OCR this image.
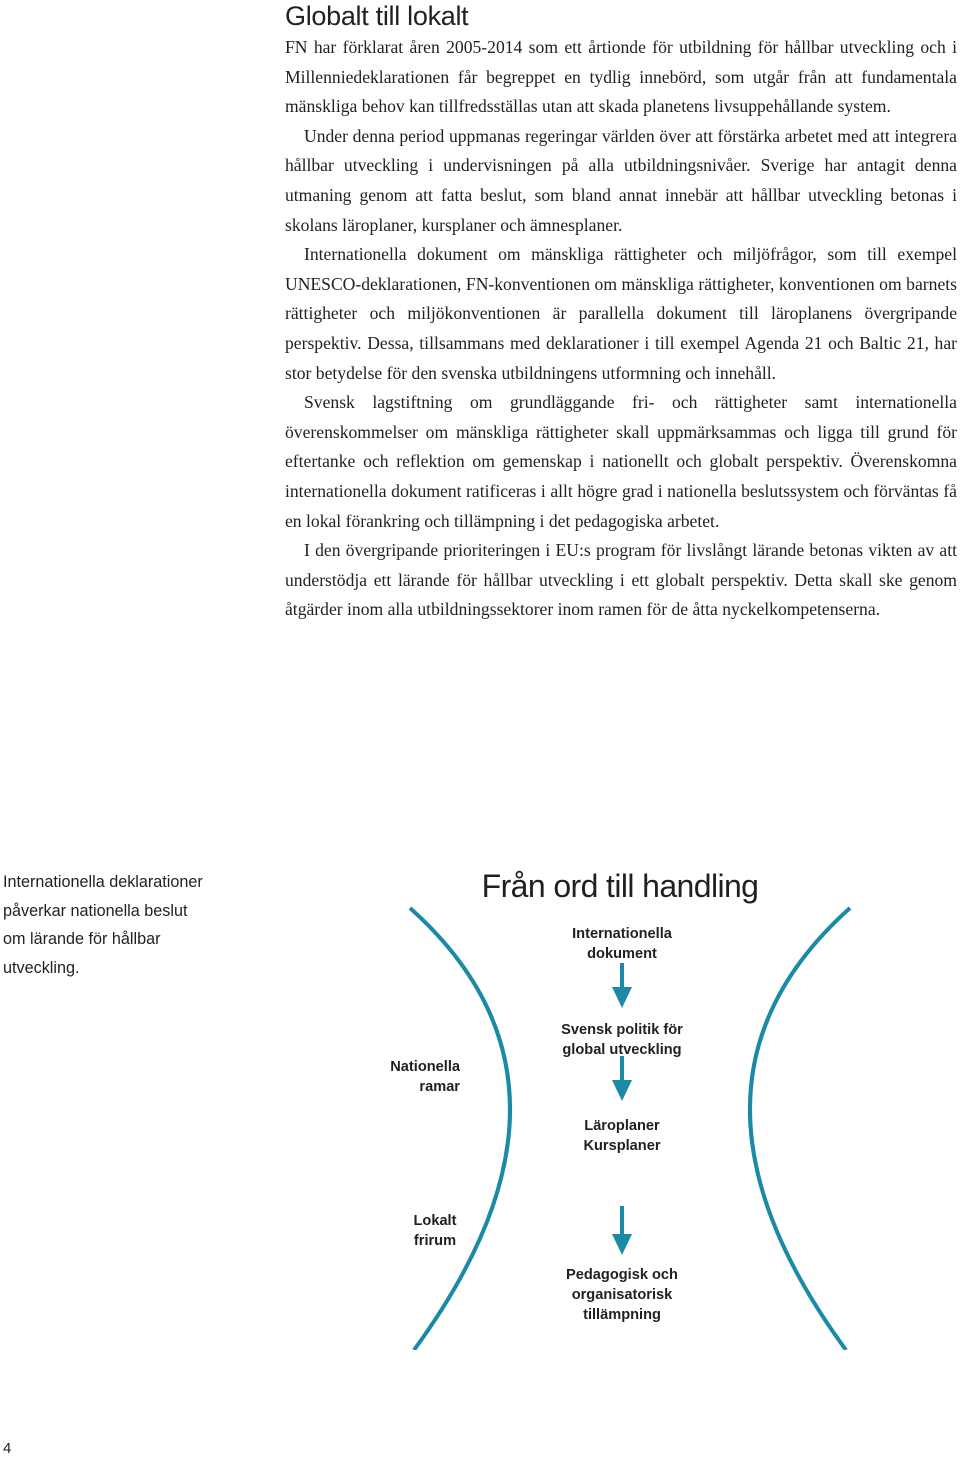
Globalt till lokalt

FN har förklarat åren 2005-2014 som ett årtionde för utbildning för hållbar utveckling och i Millenniedeklarationen får begreppet en tydlig innebörd, som utgår från att fundamentala mänskliga behov kan tillfredsställas utan att skada planetens livsuppehållande system.

Under denna period uppmanas regeringar världen över att förstärka arbetet med att integrera hållbar utveckling i undervisningen på alla utbildningsnivåer. Sverige har antagit denna utmaning genom att fatta beslut, som bland annat innebär att hållbar utveckling betonas i skolans läroplaner, kursplaner och ämnesplaner.

Internationella dokument om mänskliga rättigheter och miljöfrågor, som till exempel UNESCO-deklarationen, FN-konventionen om mänskliga rättigheter, konventionen om barnets rättigheter och miljökonventionen är parallella dokument till läroplanens övergripande perspektiv. Dessa, tillsammans med deklarationer i till exempel Agenda 21 och Baltic 21, har stor betydelse för den svenska utbildningens utformning och innehåll.

Svensk lagstiftning om grundläggande fri- och rättigheter samt internationella överenskommelser om mänskliga rättigheter skall uppmärksammas och ligga till grund för eftertanke och reflektion om gemenskap i nationellt och globalt perspektiv. Överenskomna internationella dokument ratificeras i allt högre grad i nationella beslutssystem och förväntas få en lokal förankring och tillämpning i det pedagogiska arbetet.

I den övergripande prioriteringen i EU:s program för livslångt lärande betonas vikten av att understödja ett lärande för hållbar utveckling i ett globalt perspektiv. Detta skall ske genom åtgärder inom alla utbildningssektorer inom ramen för de åtta nyckelkompetenserna.

Internationella deklarationer påverkar nationella beslut om lärande för hållbar utveckling.

Från ord till handling

Internationella
dokument
Svensk politik för
global utveckling
Läroplaner
Kursplaner
Pedagogisk och
organisatorisk
tillämpning
Nationella
ramar
Lokalt
frirum
4
